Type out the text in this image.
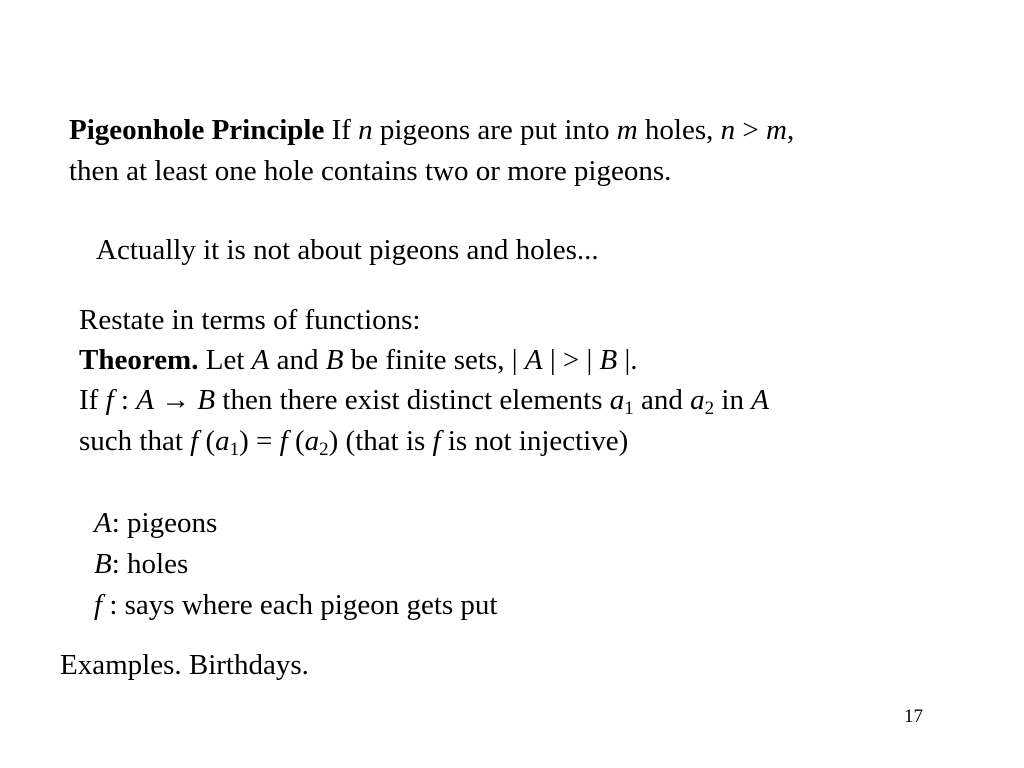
Pigeonhole Principle If n pigeons are put into m holes, n > m,
then at least one hole contains two or more pigeons.
Actually it is not about pigeons and holes...
Restate in terms of functions:
Theorem. Let A and B be finite sets, | A | > | B |.
If f : A → B then there exist distinct elements $a_1$ and $a_2$ in A
such that f $(a_1) = f$ $(a_2)$ (that is f is not injective)
A: pigeons
B: holes
f : says where each pigeon gets put
Examples. Birthdays.
17
